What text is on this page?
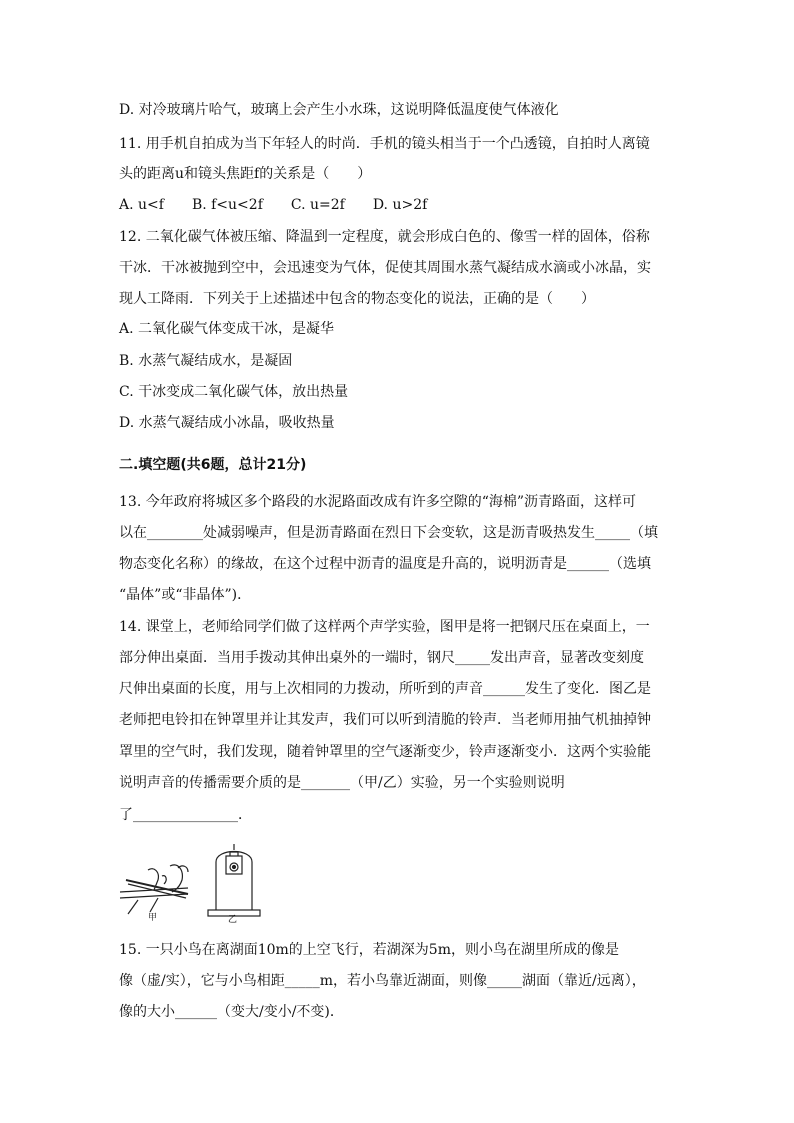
D. 对冷玻璃片哈气，玻璃上会产生小水珠，这说明降低温度使气体液化
11. 用手机自拍成为当下年轻人的时尚．手机的镜头相当于一个凸透镜，自拍时人离镜
头的距离u和镜头焦距f的关系是（　　）
A. u<f　　B. f<u<2f　　C. u=2f　　D. u>2f
12. 二氧化碳气体被压缩、降温到一定程度，就会形成白色的、像雪一样的固体，俗称
干冰．干冰被抛到空中，会迅速变为气体，促使其周围水蒸气凝结成水滴或小冰晶，实
现人工降雨．下列关于上述描述中包含的物态变化的说法，正确的是（　　）
A. 二氧化碳气体变成干冰，是凝华
B. 水蒸气凝结成水，是凝固
C. 干冰变成二氧化碳气体，放出热量
二.填空题(共6题，总计21分)
D. 水蒸气凝结成小冰晶，吸收热量
13. 今年政府将城区多个路段的水泥路面改成有许多空隙的“海棉”沥青路面，这样可
以在________处减弱噪声，但是沥青路面在烈日下会变软，这是沥青吸热发生_____（填
物态变化名称）的缘故，在这个过程中沥青的温度是升高的，说明沥青是______（选填
“晶体”或“非晶体”)．
14. 课堂上，老师给同学们做了这样两个声学实验，图甲是将一把钢尺压在桌面上，一
部分伸出桌面．当用手拨动其伸出桌外的一端时，钢尺_____发出声音，显著改变刻度
尺伸出桌面的长度，用与上次相同的力拨动，所听到的声音______发生了变化．图乙是
老师把电铃扣在钟罩里并让其发声，我们可以听到清脆的铃声．当老师用抽气机抽掉钟
罩里的空气时，我们发现，随着钟罩里的空气逐渐变少，铃声逐渐变小．这两个实验能
说明声音的传播需要介质的是_______（甲/乙）实验，另一个实验则说明
了_______________．
甲	乙
15. 一只小鸟在离湖面10m的上空飞行，若湖深为5m，则小鸟在湖里所成的像是
像（虚/实），它与小鸟相距_____m，若小鸟靠近湖面，则像_____湖面（靠近/远离），
像的大小______（变大/变小/不变)．
